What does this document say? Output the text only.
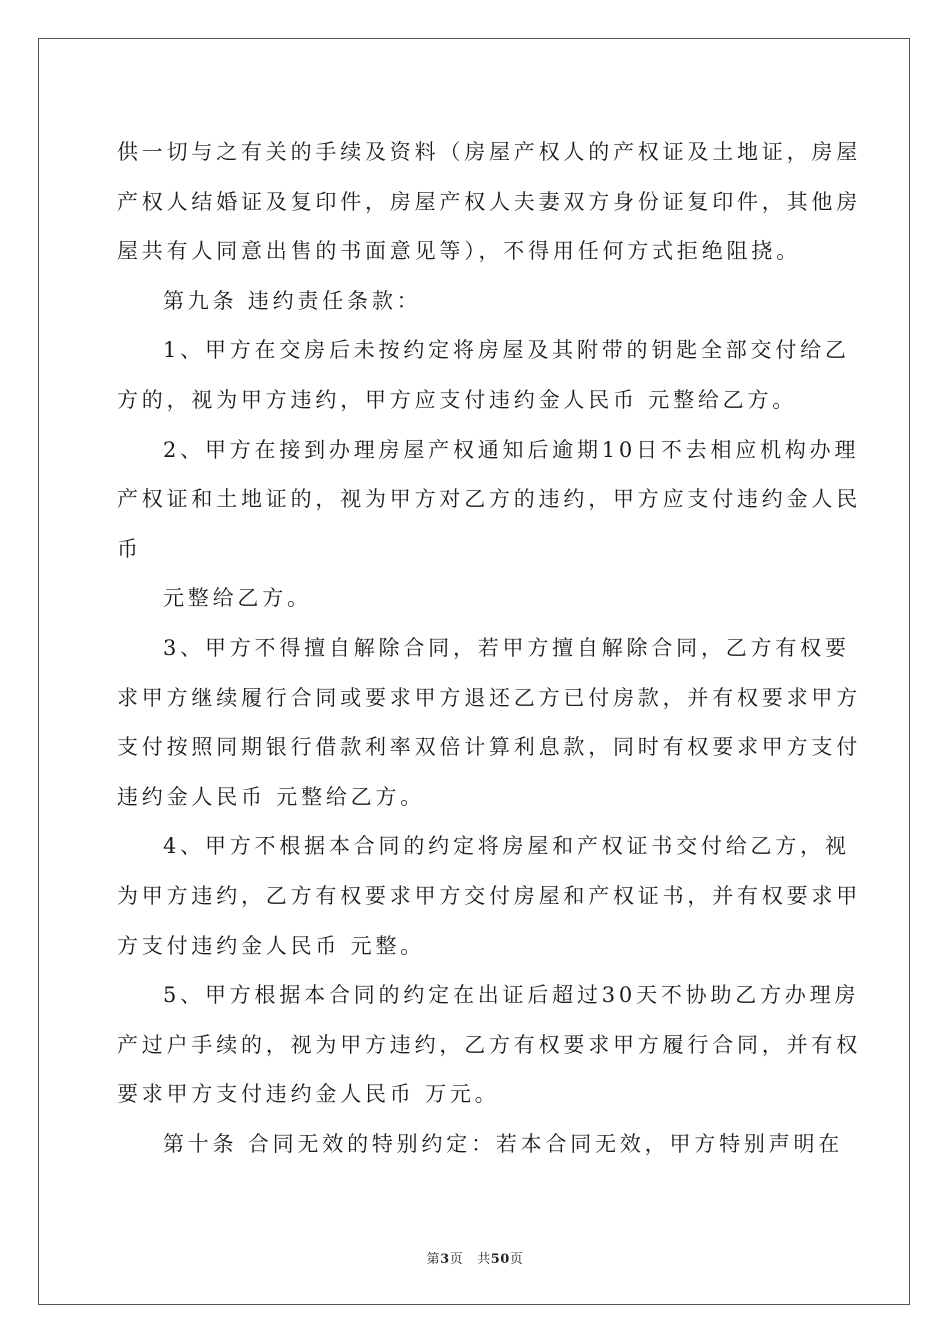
供一切与之有关的手续及资料（房屋产权人的产权证及土地证，房屋
产权人结婚证及复印件，房屋产权人夫妻双方身份证复印件，其他房
屋共有人同意出售的书面意见等），不得用任何方式拒绝阻挠。
第九条 违约责任条款：
1、甲方在交房后未按约定将房屋及其附带的钥匙全部交付给乙
方的，视为甲方违约，甲方应支付违约金人民币 元整给乙方。
2、甲方在接到办理房屋产权通知后逾期10日不去相应机构办理
产权证和土地证的，视为甲方对乙方的违约，甲方应支付违约金人民
币
元整给乙方。
3、甲方不得擅自解除合同，若甲方擅自解除合同，乙方有权要
求甲方继续履行合同或要求甲方退还乙方已付房款，并有权要求甲方
支付按照同期银行借款利率双倍计算利息款，同时有权要求甲方支付
违约金人民币 元整给乙方。
4、甲方不根据本合同的约定将房屋和产权证书交付给乙方，视
为甲方违约，乙方有权要求甲方交付房屋和产权证书，并有权要求甲
方支付违约金人民币 元整。
5、甲方根据本合同的约定在出证后超过30天不协助乙方办理房
产过户手续的，视为甲方违约，乙方有权要求甲方履行合同，并有权
要求甲方支付违约金人民币 万元。
第十条 合同无效的特别约定：若本合同无效，甲方特别声明在
第3页 共50页
